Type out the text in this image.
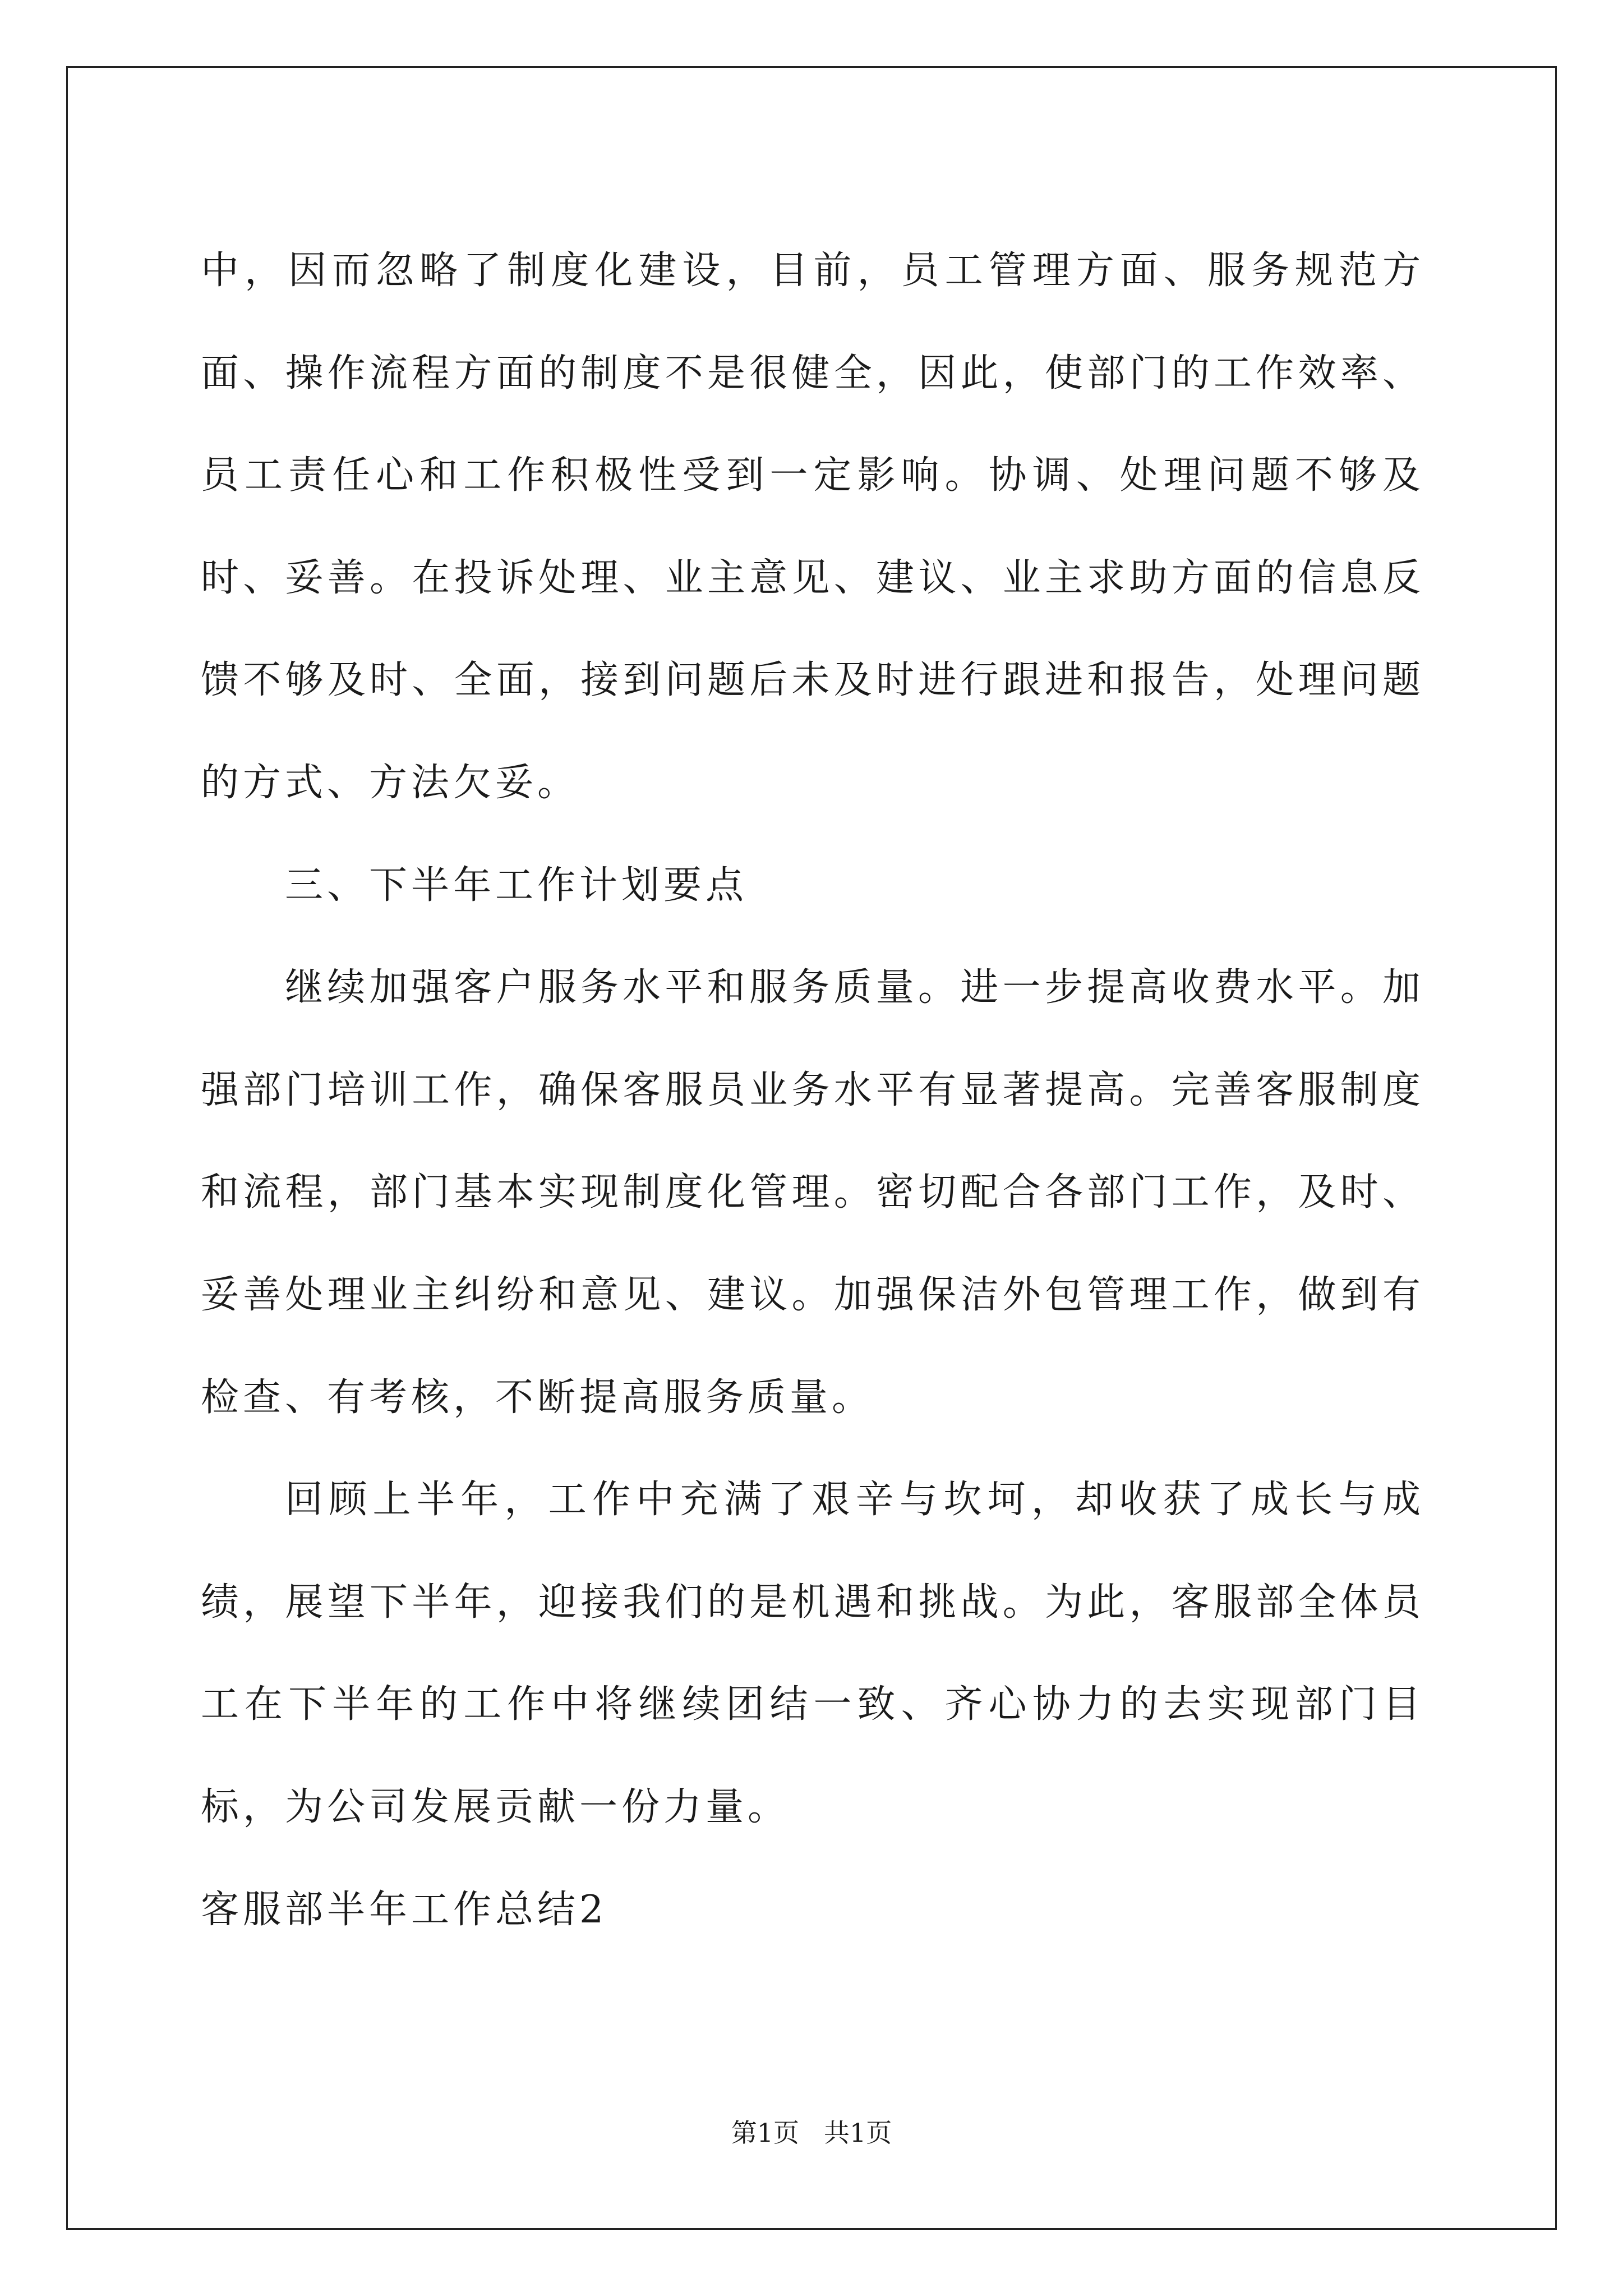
中，因而忽略了制度化建设，目前，员工管理方面、服务规范方面、操作流程方面的制度不是很健全，因此，使部门的工作效率、员工责任心和工作积极性受到一定影响。协调、处理问题不够及时、妥善。在投诉处理、业主意见、建议、业主求助方面的信息反馈不够及时、全面，接到问题后未及时进行跟进和报告，处理问题的方式、方法欠妥。

三、下半年工作计划要点

继续加强客户服务水平和服务质量。进一步提高收费水平。加强部门培训工作，确保客服员业务水平有显著提高。完善客服制度和流程，部门基本实现制度化管理。密切配合各部门工作，及时、妥善处理业主纠纷和意见、建议。加强保洁外包管理工作，做到有检查、有考核，不断提高服务质量。

回顾上半年，工作中充满了艰辛与坎坷，却收获了成长与成绩，展望下半年，迎接我们的是机遇和挑战。为此，客服部全体员工在下半年的工作中将继续团结一致、齐心协力的去实现部门目标，为公司发展贡献一份力量。

客服部半年工作总结2

第1页 共1页
